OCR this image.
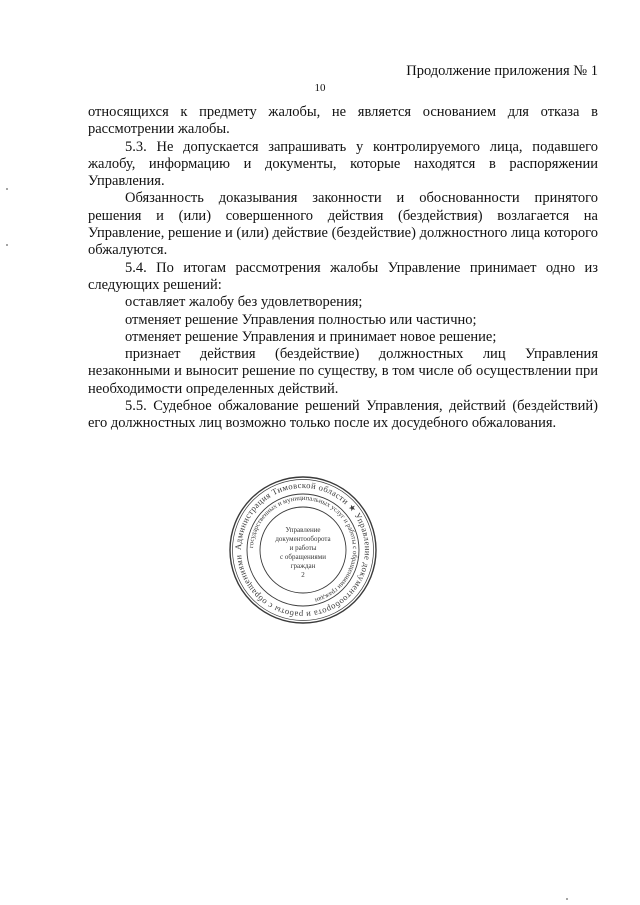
Продолжение приложения № 1
10

относящихся к предмету жалобы, не является основанием для отказа в рассмотрении жалобы.

5.3. Не допускается запрашивать у контролируемого лица, подавшего жалобу, информацию и документы, которые находятся в распоряжении Управления.

Обязанность доказывания законности и обоснованности принятого решения и (или) совершенного действия (бездействия) возлагается на Управление, решение и (или) действие (бездействие) должностного лица которого обжалуются.

5.4. По итогам рассмотрения жалобы Управление принимает одно из следующих решений:

оставляет жалобу без удовлетворения;

отменяет решение Управления полностью или частично;

отменяет решение Управления и принимает новое решение;

признает действия (бездействие) должностных лиц Управления незаконными и выносит решение по существу, в том числе об осуществлении при необходимости определенных действий.

5.5. Судебное обжалование решений Управления, действий (бездействий) его должностных лиц возможно только после их досудебного обжалования.

Администрация Тимовской области ★ Управление документооборота и работы с обращениями
государственных и муниципальных услуг и работы с обращениями граждан
Управление
документооборота
и работы
с обращениями
граждан
2
